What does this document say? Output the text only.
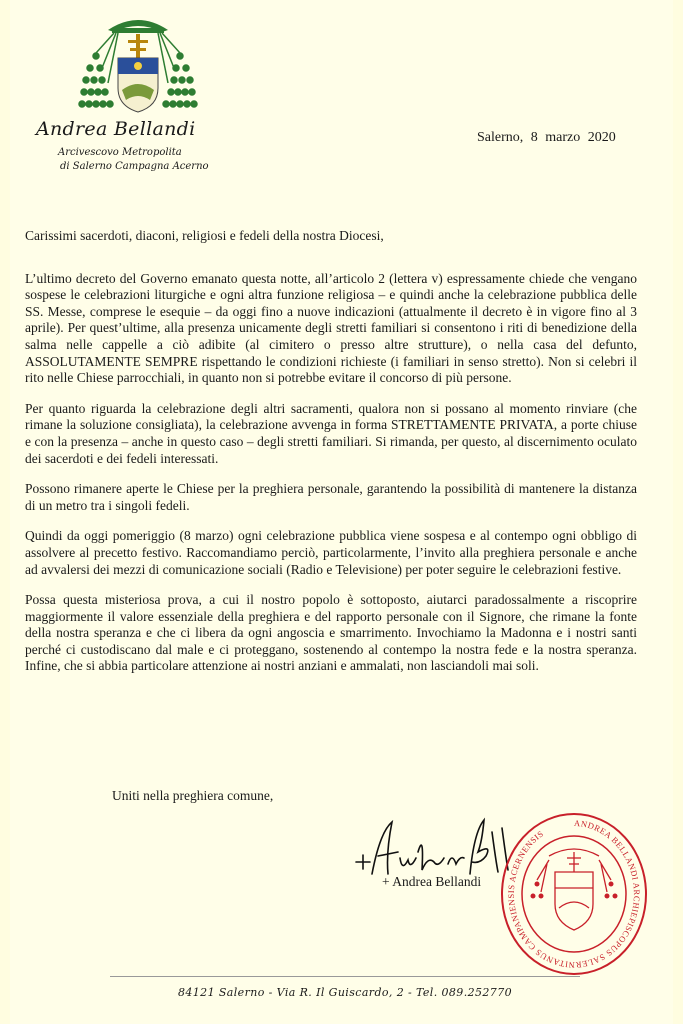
Andrea Bellandi
Arcivescovo Metropolita
di Salerno Campagna Acerno
Salerno, 8 marzo 2020

Carissimi sacerdoti, diaconi, religiosi e fedeli della nostra Diocesi,

L’ultimo decreto del Governo emanato questa notte, all’articolo 2 (lettera v) espressamente chiede che vengano sospese le celebrazioni liturgiche e ogni altra funzione religiosa – e quindi anche la celebrazione pubblica delle SS. Messe, comprese le esequie – da oggi fino a nuove indicazioni (attualmente il decreto è in vigore fino al 3 aprile). Per quest’ultime, alla presenza unicamente degli stretti familiari si consentono i riti di benedizione della salma nelle cappelle a ciò adibite (al cimitero o presso altre strutture), o nella casa del defunto, ASSOLUTAMENTE SEMPRE rispettando le condizioni richieste (i familiari in senso stretto). Non si celebri il rito nelle Chiese parrocchiali, in quanto non si potrebbe evitare il concorso di più persone.

Per quanto riguarda la celebrazione degli altri sacramenti, qualora non si possano al momento rinviare (che rimane la soluzione consigliata), la celebrazione avvenga in forma STRETTAMENTE PRIVATA, a porte chiuse e con la presenza – anche in questo caso – degli stretti familiari. Si rimanda, per questo, al discernimento oculato dei sacerdoti e dei fedeli interessati.

Possono rimanere aperte le Chiese per la preghiera personale, garantendo la possibilità di mantenere la distanza di un metro tra i singoli fedeli.

Quindi da oggi pomeriggio (8 marzo) ogni celebrazione pubblica viene sospesa e al contempo ogni obbligo di assolvere al precetto festivo. Raccomandiamo perciò, particolarmente, l’invito alla preghiera personale e anche ad avvalersi dei mezzi di comunicazione sociali (Radio e Televisione) per poter seguire le celebrazioni festive.

Possa questa misteriosa prova, a cui il nostro popolo è sottoposto, aiutarci paradossalmente a riscoprire maggiormente il valore essenziale della preghiera e del rapporto personale con il Signore, che rimane la fonte della nostra speranza e che ci libera da ogni angoscia e smarrimento. Invochiamo la Madonna e i nostri santi perché ci custodiscano dal male e ci proteggano, sostenendo al contempo la nostra fede e la nostra speranza. Infine, che si abbia particolare attenzione ai nostri anziani e ammalati, non lasciandoli mai soli.

Uniti nella preghiera comune,
+ Andrea Bellandi
ANDREA BELLANDI ARCHIEPISCOPUS SALERNITANUS CAMPANIENSIS ACERNENSIS
84121 Salerno - Via R. Il Guiscardo, 2 - Tel. 089.252770
